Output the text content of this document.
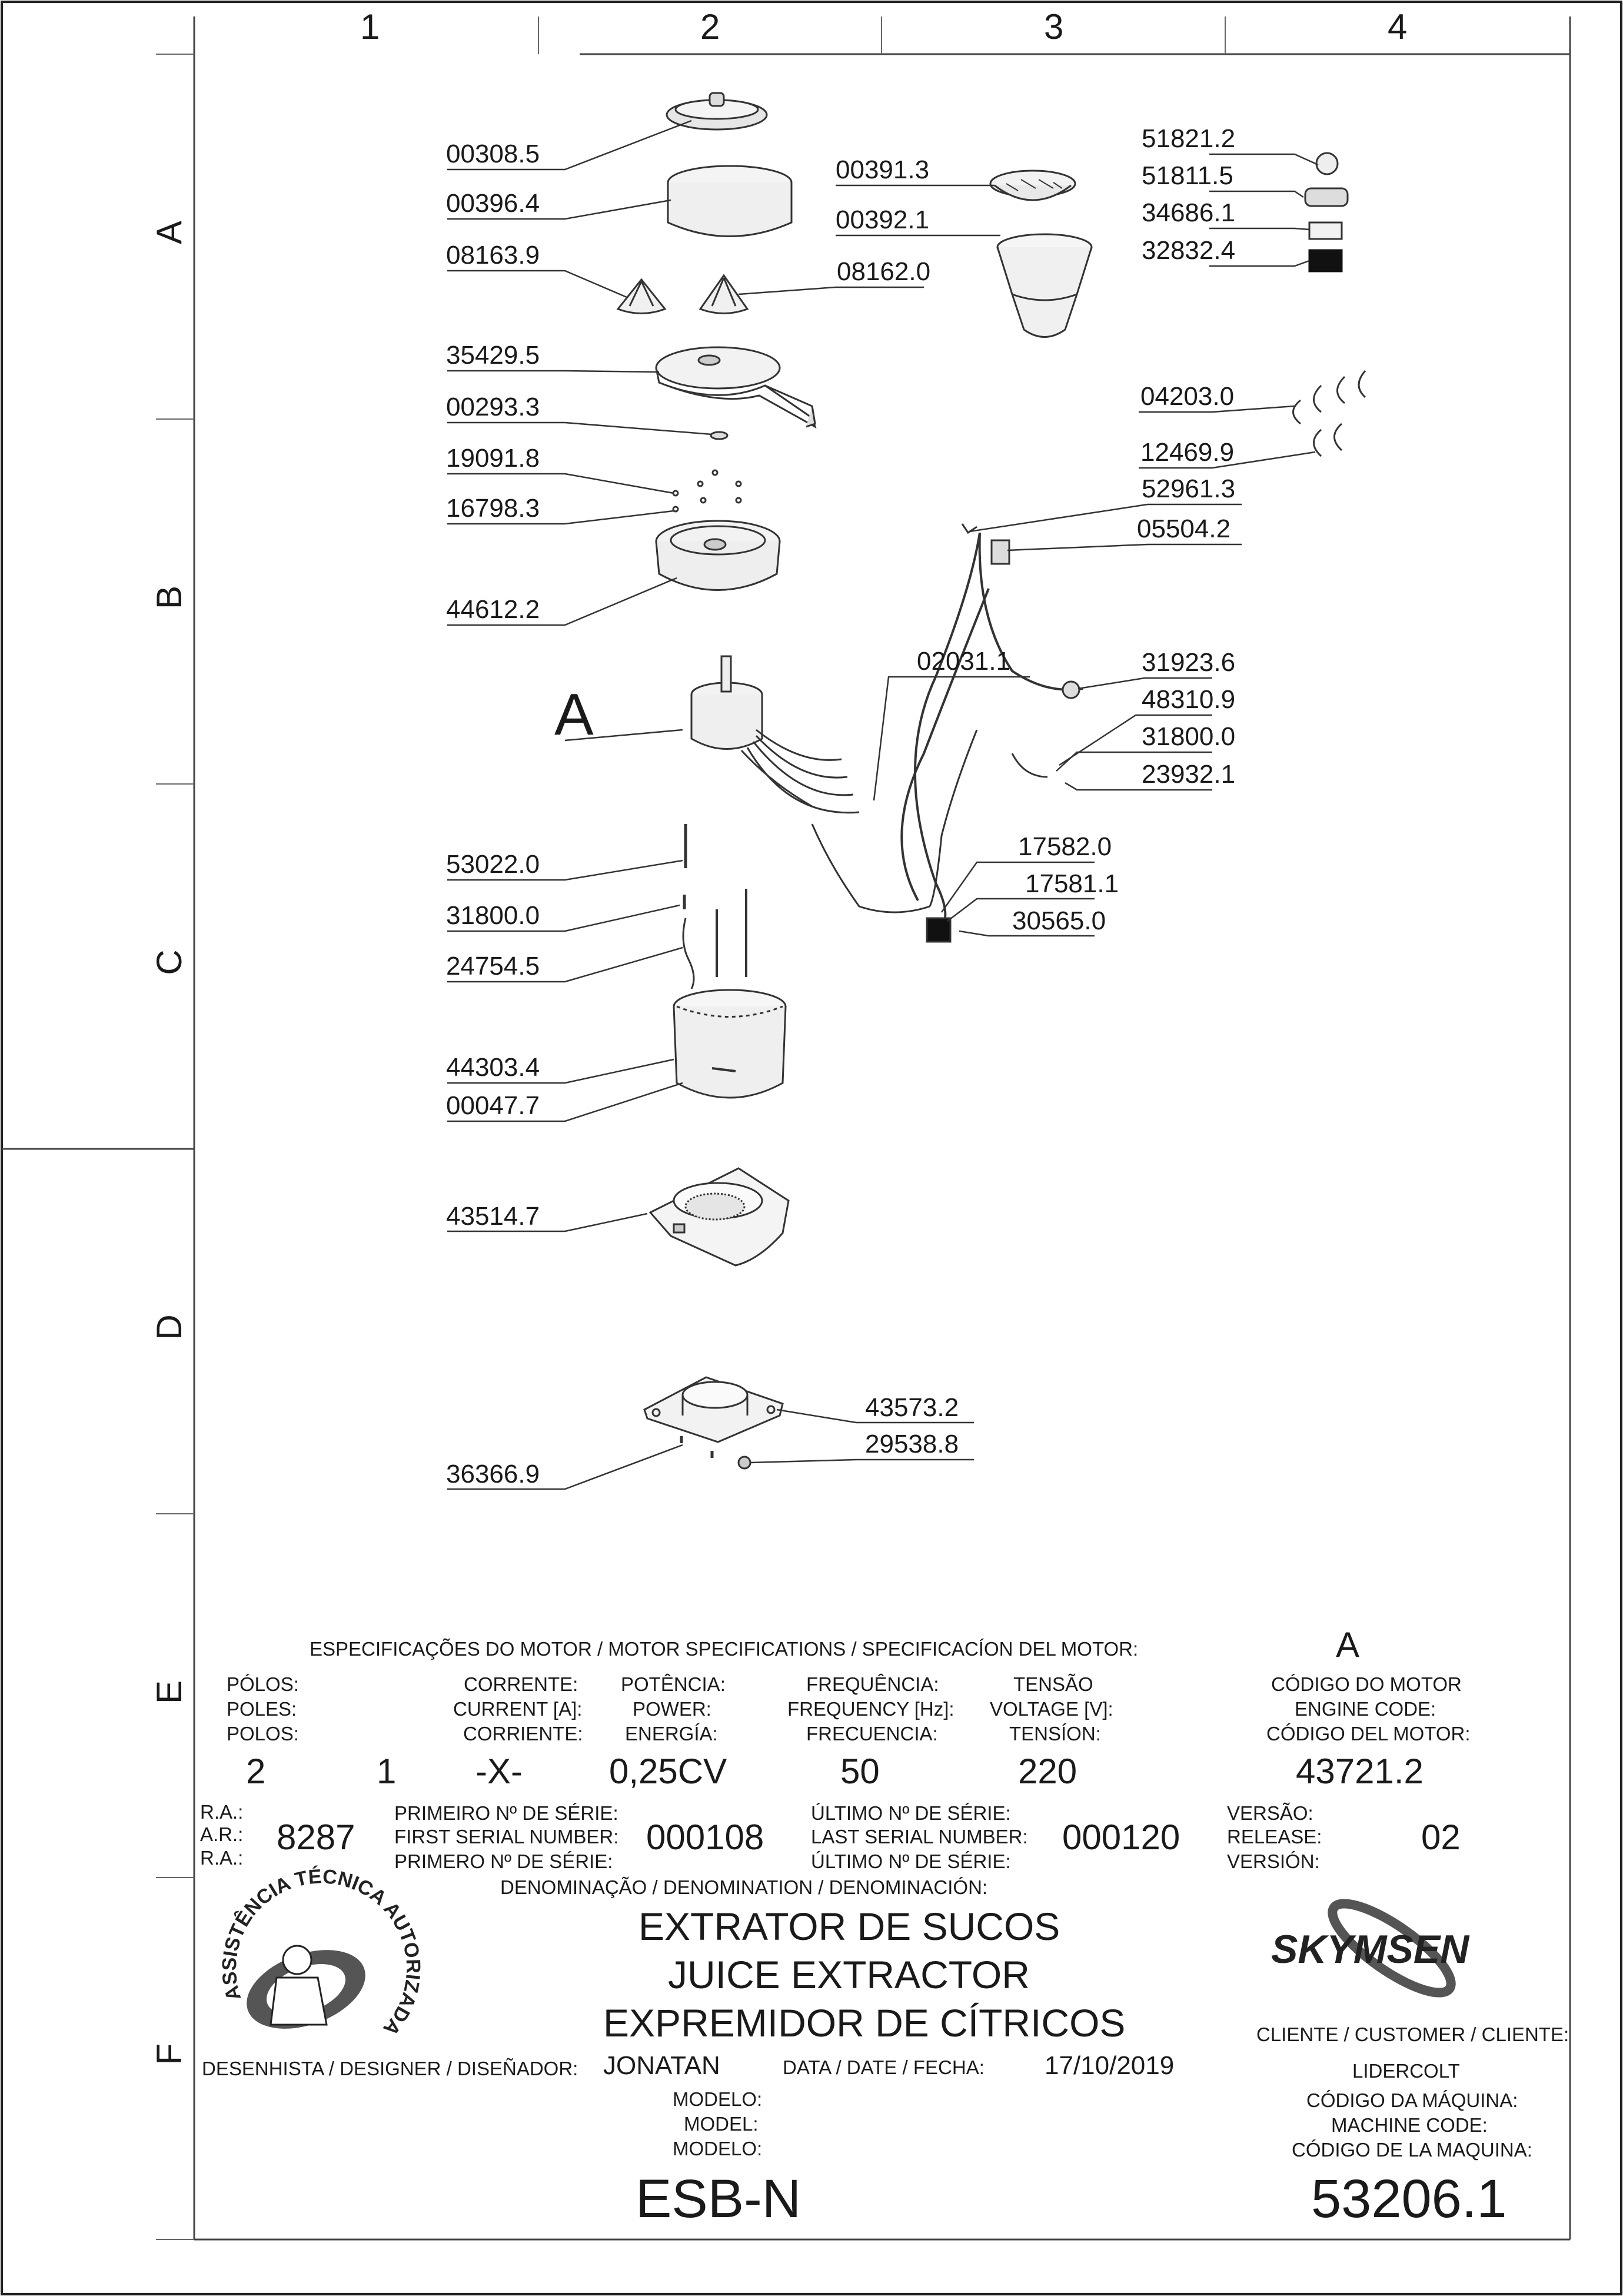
ASSISTÊNCIA TÉCNICA AUTORIZADA
SKYMSEN
1	2	3	4
A
B
C
D
E
F
00308.5
00396.4
08163.9
08162.0
00391.3
00392.1
51821.2
51811.5
34686.1
32832.4
35429.5
00293.3
19091.8
16798.3
44612.2
04203.0
12469.9
52961.3
05504.2
02031.1	31923.6
48310.9
31800.0
23932.1
A
53022.0
31800.0
24754.5
17582.0
17581.1
30565.0
44303.4
00047.7
43514.7
43573.2
29538.8
36366.9
ESPECIFICAÇÕES DO MOTOR / MOTOR SPECIFICATIONS / SPECIFICACÍON DEL MOTOR:	A
PÓLOS:
POLES:
POLOS:
2
CORRENTE:
CURRENT [A]:
CORRIENTE:
1 -X-
POTÊNCIA:
POWER:
ENERGÍA:
0,25CV
FREQUÊNCIA:
FREQUENCY [Hz]:
FRECUENCIA:
50
TENSÃO
VOLTAGE [V]:
TENSÍON:
220
CÓDIGO DO MOTOR
ENGINE CODE:
CÓDIGO DEL MOTOR:
43721.2
R.A.:
A.R.:
R.A.:
8287
PRIMEIRO Nº DE SÉRIE:
FIRST SERIAL NUMBER:
PRIMERO Nº DE SÉRIE:
000108
ÚLTIMO Nº DE SÉRIE:
LAST SERIAL NUMBER:
ÚLTIMO Nº DE SÉRIE:
000120
VERSÃO:
RELEASE:
VERSIÓN:
02
DENOMINAÇÃO / DENOMINATION / DENOMINACIÓN:
EXTRATOR DE SUCOS
JUICE EXTRACTOR
EXPREMIDOR DE CÍTRICOS
DESENHISTA / DESIGNER / DISEÑADOR: JONATAN	DATA / DATE / FECHA: 17/10/2019
CLIENTE / CUSTOMER / CLIENTE:
LIDERCOLT
MODELO:
MODEL:
MODELO:
ESB-N
CÓDIGO DA MÁQUINA:
MACHINE CODE:
CÓDIGO DE LA MAQUINA:
53206.1
